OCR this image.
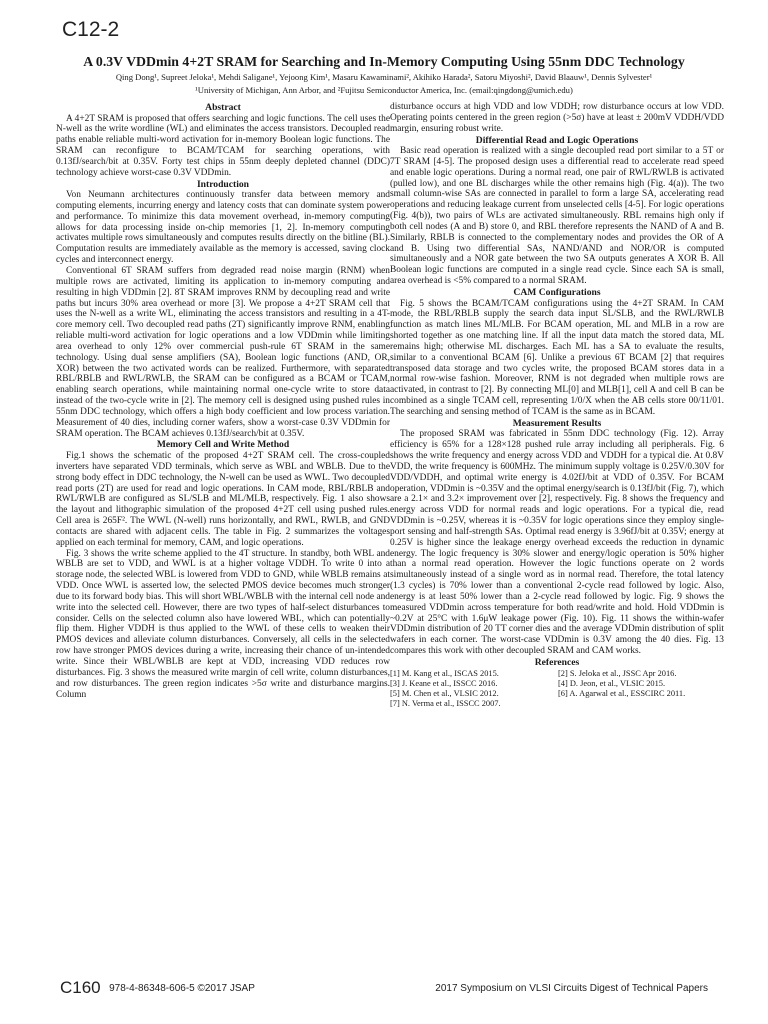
C12-2
A 0.3V VDDmin 4+2T SRAM for Searching and In-Memory Computing Using 55nm DDC Technology
Qing Dong¹, Supreet Jeloka¹, Mehdi Saligane¹, Yejoong Kim¹, Masaru Kawaminami², Akihiko Harada², Satoru Miyoshi², David Blaauw¹, Dennis Sylvester¹
¹University of Michigan, Ann Arbor, and ²Fujitsu Semiconductor America, Inc. (email:qingdong@umich.edu)
Abstract

A 4+2T SRAM is proposed that offers searching and logic functions. The cell uses the N-well as the write wordline (WL) and eliminates the access transistors. Decoupled read paths enable reliable multi-word activation for in-memory Boolean logic functions. The SRAM can reconfigure to BCAM/TCAM for searching operations, with 0.13fJ/search/bit at 0.35V. Forty test chips in 55nm deeply depleted channel (DDC) technology achieve worst-case 0.3V VDDmin.

Introduction

Von Neumann architectures continuously transfer data between memory and computing elements, incurring energy and latency costs that can dominate system power and performance. To minimize this data movement overhead, in-memory computing allows for data processing inside on-chip memories [1, 2]. In-memory computing activates multiple rows simultaneously and computes results directly on the bitline (BL). Computation results are immediately available as the memory is accessed, saving clock cycles and interconnect energy.

Conventional 6T SRAM suffers from degraded read noise margin (RNM) when multiple rows are activated, limiting its application to in-memory computing and resulting in high VDDmin [2]. 8T SRAM improves RNM by decoupling read and write paths but incurs 30% area overhead or more [3]. We propose a 4+2T SRAM cell that uses the N-well as a write WL, eliminating the access transistors and resulting in a 4T-core memory cell. Two decoupled read paths (2T) significantly improve RNM, enabling reliable multi-word activation for logic operations and a low VDDmin while limiting area overhead to only 12% over commercial push-rule 6T SRAM in the same technology. Using dual sense amplifiers (SA), Boolean logic functions (AND, OR, XOR) between the two activated words can be realized. Furthermore, with separated RBL/RBLB and RWL/RWLB, the SRAM can be configured as a BCAM or TCAM, enabling search operations, while maintaining normal one-cycle write to store data instead of the two-cycle write in [2]. The memory cell is designed using pushed rules in 55nm DDC technology, which offers a high body coefficient and low process variation. Measurement of 40 dies, including corner wafers, show a worst-case 0.3V VDDmin for SRAM operation. The BCAM achieves 0.13fJ/search/bit at 0.35V.

Memory Cell and Write Method

Fig.1 shows the schematic of the proposed 4+2T SRAM cell. The cross-coupled inverters have separated VDD terminals, which serve as WBL and WBLB. Due to the strong body effect in DDC technology, the N-well can be used as WWL. Two decoupled read ports (2T) are used for read and logic operations. In CAM mode, RBL/RBLB and RWL/RWLB are configured as SL/SLB and ML/MLB, respectively. Fig. 1 also shows the layout and lithographic simulation of the proposed 4+2T cell using pushed rules. Cell area is 265F². The WWL (N-well) runs horizontally, and RWL, RWLB, and GND contacts are shared with adjacent cells. The table in Fig. 2 summarizes the voltages applied on each terminal for memory, CAM, and logic operations.

Fig. 3 shows the write scheme applied to the 4T structure. In standby, both WBL and WBLB are set to VDD, and WWL is at a higher voltage VDDH. To write 0 into a storage node, the selected WBL is lowered from VDD to GND, while WBLB remains at VDD. Once WWL is asserted low, the selected PMOS device becomes much stronger due to its forward body bias. This will short WBL/WBLB with the internal cell node and write into the selected cell. However, there are two types of half-select disturbances to consider. Cells on the selected column also have lowered WBL, which can potentially flip them. Higher VDDH is thus applied to the WWL of these cells to weaken their PMOS devices and alleviate column disturbances. Conversely, all cells in the selected row have stronger PMOS devices during a write, increasing their chance of un-intended write. Since their WBL/WBLB are kept at VDD, increasing VDD reduces row disturbances. Fig. 3 shows the measured write margin of cell write, column disturbances, and row disturbances. The green region indicates >5σ write and disturbance margins. Column

disturbance occurs at high VDD and low VDDH; row disturbance occurs at low VDD. Operating points centered in the green region (>5σ) have at least ± 200mV VDDH/VDD margin, ensuring robust write.

Differential Read and Logic Operations

Basic read operation is realized with a single decoupled read port similar to a 5T or 7T SRAM [4-5]. The proposed design uses a differential read to accelerate read speed and enable logic operations. During a normal read, one pair of RWL/RWLB is activated (pulled low), and one BL discharges while the other remains high (Fig. 4(a)). The two small column-wise SAs are connected in parallel to form a large SA, accelerating read operations and reducing leakage current from unselected cells [4-5]. For logic operations (Fig. 4(b)), two pairs of WLs are activated simultaneously. RBL remains high only if both cell nodes (A and B) store 0, and RBL therefore represents the NAND of A and B. Similarly, RBLB is connected to the complementary nodes and provides the OR of A and B. Using two differential SAs, NAND/AND and NOR/OR is computed simultaneously and a NOR gate between the two SA outputs generates A XOR B. All Boolean logic functions are computed in a single read cycle. Since each SA is small, area overhead is <5% compared to a normal SRAM.

CAM Configurations

Fig. 5 shows the BCAM/TCAM configurations using the 4+2T SRAM. In CAM mode, the RBL/RBLB supply the search data input SL/SLB, and the RWL/RWLB function as match lines ML/MLB. For BCAM operation, ML and MLB in a row are shorted together as one matching line. If all the input data match the stored data, ML remains high; otherwise ML discharges. Each ML has a SA to evaluate the results, similar to a conventional BCAM [6]. Unlike a previous 6T BCAM [2] that requires transposed data storage and two cycles write, the proposed BCAM stores data in a normal row-wise fashion. Moreover, RNM is not degraded when multiple rows are activated, in contrast to [2]. By connecting ML[0] and MLB[1], cell A and cell B can be combined as a single TCAM cell, representing 1/0/X when the AB cells store 00/11/01. The searching and sensing method of TCAM is the same as in BCAM.

Measurement Results

The proposed SRAM was fabricated in 55nm DDC technology (Fig. 12). Array efficiency is 65% for a 128×128 pushed rule array including all peripherals. Fig. 6 shows the write frequency and energy across VDD and VDDH for a typical die. At 0.8V VDD, the write frequency is 600MHz. The minimum supply voltage is 0.25V/0.30V for VDD/VDDH, and optimal write energy is 4.02fJ/bit at VDD of 0.35V. For BCAM operation, VDDmin is ~0.35V and the optimal energy/search is 0.13fJ/bit (Fig. 7), which are a 2.1× and 3.2× improvement over [2], respectively. Fig. 8 shows the frequency and energy across VDD for normal reads and logic operations. For a typical die, read VDDmin is ~0.25V, whereas it is ~0.35V for logic operations since they employ single-port sensing and half-strength SAs. Optimal read energy is 3.96fJ/bit at 0.35V; energy at 0.25V is higher since the leakage energy overhead exceeds the reduction in dynamic energy. The logic frequency is 30% slower and energy/logic operation is 50% higher than a normal read operation. However the logic functions operate on 2 words simultaneously instead of a single word as in normal read. Therefore, the total latency (1.3 cycles) is 70% lower than a conventional 2-cycle read followed by logic. Also, energy is at least 50% lower than a 2-cycle read followed by logic. Fig. 9 shows the measured VDDmin across temperature for both read/write and hold. Hold VDDmin is ~0.2V at 25°C with 1.6μW leakage power (Fig. 10). Fig. 11 shows the within-wafer VDDmin distribution of 20 TT corner dies and the average VDDmin distribution of split wafers in each corner. The worst-case VDDmin is 0.3V among the 40 dies. Fig. 13 compares this work with other decoupled SRAM and CAM works.

References
[1] M. Kang et al., ISCAS 2015.	[2] S. Jeloka et al., JSSC Apr 2016.
[3] J. Keane et al., ISSCC 2016.	[4] D. Jeon, et al., VLSIC 2015.
[5] M. Chen et al., VLSIC 2012.	[6] A. Agarwal et al., ESSCIRC 2011.
[7] N. Verma et al., ISSCC 2007.
C160 978-4-86348-606-5 ©2017 JSAP	2017 Symposium on VLSI Circuits Digest of Technical Papers
